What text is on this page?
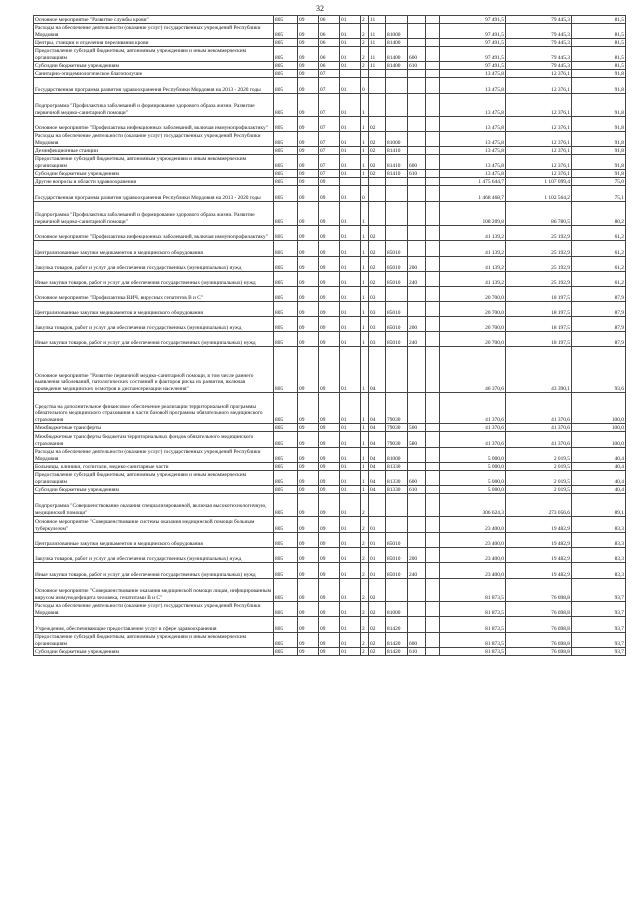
32
Основное мероприятие "Развитие службы крови"	805	09	06	01	2	11				97 491,5	79 445,3	81,5
Расходы на обеспечение деятельности (оказание услуг) государственных учреждений Республики Мордовия	805	09	06	01	2	11	81000			97 491,5	79 445,3	81,5
Центры, станции и отделения переливания крови	805	09	06	01	2	11	81400			97 491,5	79 445,3	81,5
Предоставление субсидий бюджетным, автономным учреждениям и иным некоммерческим организациям	805	09	06	01	2	11	81400	600		97 491,5	79 445,3	81,5
Субсидии бюджетным учреждениям	805	09	06	01	2	11	81400	610		97 491,5	79 445,3	81,5
Санитарно-эпидемиологическое благополучие	805	09	07							13 475,8	12 376,1	91,8
Государственная программа развития здравоохранения Республики Мордовия на 2013 - 2020 годы	805	09	07	01	0					13 475,8	12 376,1	91,8
Подпрограмма "Профилактика заболеваний и формирование здорового образа жизни. Развитие первичной медико-санитарной помощи"	805	09	07	01	1					13 475,8	12 376,1	91,8
Основное мероприятие "Профилактика инфекционных заболеваний, включая иммунопрофилактику"	805	09	07	01	1	02				13 475,8	12 376,1	91,8
Расходы на обеспечение деятельности (оказание услуг) государственных учреждений Республики Мордовия	805	09	07	01	1	02	81000			13 475,8	12 376,1	91,8
Дезинфекционные станции	805	09	07	01	1	02	81410			13 475,8	12 376,1	91,8
Предоставление субсидий бюджетным, автономным учреждениям и иным некоммерческим организациям	805	09	07	01	1	02	81410	600		13 475,8	12 376,1	91,8
Субсидии бюджетным учреждениям	805	09	07	01	1	02	81410	610		13 475,8	12 376,1	91,8
Другие вопросы в области здравоохранения	805	09	09							1 475 644,7	1 107 099,4	75,0
Государственная программа развития здравоохранения Республики Мордовия на 2013 - 2020 годы	805	09	09	01	0					1 468 468,7	1 102 564,2	75,1
Подпрограмма "Профилактика заболеваний и формирование здорового образа жизни. Развитие первичной медико-санитарной помощи"	805	09	09	01	1					108 209,8	86 780,5	80,2
Основное мероприятие "Профилактика инфекционных заболеваний, включая иммунопрофилактику"	805	09	09	01	1	02				41 139,2	25 192,9	61,2
Централизованные закупки медикаментов и медицинского оборудования	805	09	09	01	1	02	85010			41 139,2	25 192,9	61,2
Закупка товаров, работ и услуг для обеспечения государственных (муниципальных) нужд	805	09	09	01	1	02	85010	200		41 139,2	25 192,9	61,2
Иные закупки товаров, работ и услуг для обеспечения государственных (муниципальных) нужд	805	09	09	01	1	02	85010	240		41 139,2	25 192,9	61,2
Основное мероприятие "Профилактика ВИЧ, вирусных гепатитов В и С"	805	09	09	01	1	03				20 700,0	18 197,5	87,9
Централизованные закупки медикаментов и медицинского оборудования	805	09	09	01	1	03	85010			20 700,0	18 197,5	87,9
Закупка товаров, работ и услуг для обеспечения государственных (муниципальных) нужд	805	09	09	01	1	03	85010	200		20 700,0	18 197,5	87,9
Иные закупки товаров, работ и услуг для обеспечения государственных (муниципальных) нужд	805	09	09	01	1	03	85010	240		20 700,0	18 197,5	87,9
Основное мероприятие "Развитие первичной медико-санитарной помощи, в том числе раннего выявления заболеваний, патологических состояний и факторов риска их развития, включая проведение медицинских осмотров и диспансеризации населения"	805	09	09	01	1	04				46 370,6	43 390,1	93,6
Средства на дополнительное финансовое обеспечение реализации территориальной программы обязательного медицинского страхования в части базовой программы обязательного медицинского страхования	805	09	09	01	1	04	79030			41 370,6	41 370,6	100,0
Межбюджетные трансферты	805	09	09	01	1	04	79030	500		41 370,6	41 370,6	100,0
Межбюджетные трансферты бюджетам территориальных фондов обязательного медицинского страхования	805	09	09	01	1	04	79030	580		41 370,6	41 370,6	100,0
Расходы на обеспечение деятельности (оказание услуг) государственных учреждений Республики Мордовия	805	09	09	01	1	04	81000			5 000,0	2 019,5	40,4
Больницы, клиники, госпитали, медико-санитарные части	805	09	09	01	1	04	81330			5 000,0	2 019,5	40,4
Предоставление субсидий бюджетным, автономным учреждениям и иным некоммерческим организациям	805	09	09	01	1	04	81330	600		5 000,0	2 019,5	40,4
Субсидии бюджетным учреждениям	805	09	09	01	1	04	81330	610		5 000,0	2 019,5	40,4
Подпрограмма "Совершенствование оказания специализированной, включая высокотехнологичную, медицинской помощи"	805	09	09	01	2					306 624,3	273 056,6	89,1
Основное мероприятие "Совершенствование системы оказания медицинской помощи больным туберкулезом"	805	09	09	01	2	01				23 400,0	19 482,9	83,3
Централизованные закупки медикаментов и медицинского оборудования	805	09	09	01	2	01	85010			23 400,0	19 482,9	83,3
Закупка товаров, работ и услуг для обеспечения государственных (муниципальных) нужд	805	09	09	01	2	01	85010	200		23 400,0	19 482,9	83,3
Иные закупки товаров, работ и услуг для обеспечения государственных (муниципальных) нужд	805	09	09	01	2	01	85010	240		23 400,0	19 482,9	83,3
Основное мероприятие "Совершенствование оказания медицинской помощи лицам, инфицированным вирусом иммунодефицита человека, гепатитами В и С"	805	09	09	01	2	02				81 873,5	76 698,8	93,7
Расходы на обеспечение деятельности (оказание услуг) государственных учреждений Республики Мордовия	805	09	09	01	2	02	81000			81 873,5	76 698,8	93,7
Учреждения, обеспечивающие предоставление услуг в сфере здравоохранения	805	09	09	01	2	02	81420			81 873,5	76 698,8	93,7
Предоставление субсидий бюджетным, автономным учреждениям и иным некоммерческим организациям	805	09	09	01	2	02	81420	600		81 873,5	76 698,8	93,7
Субсидии бюджетным учреждениям	805	09	09	01	2	02	81420	610		81 873,5	76 698,8	93,7
